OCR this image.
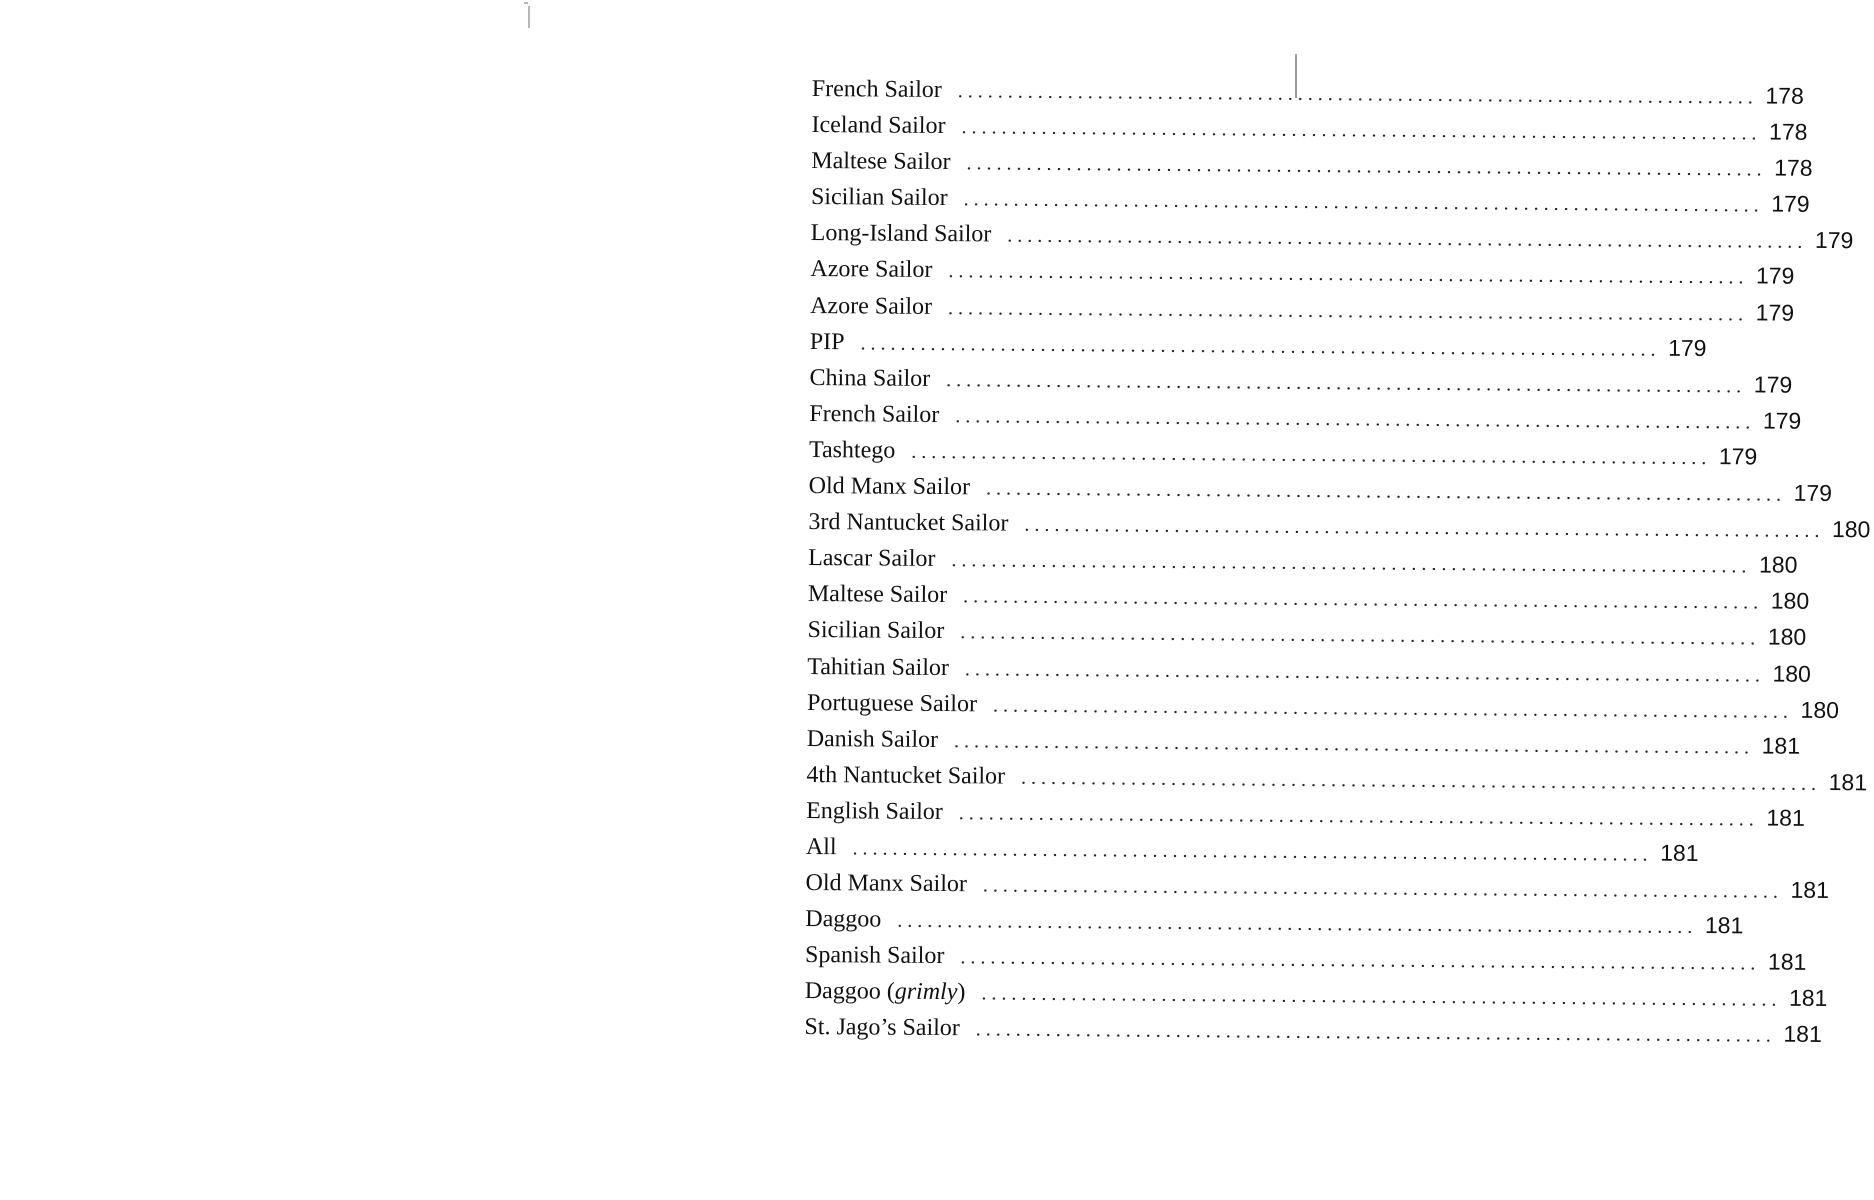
French Sailor ................................................................................ 178
Iceland Sailor ................................................................................ 178
Maltese Sailor ................................................................................ 178
Sicilian Sailor ................................................................................ 179
Long-Island Sailor ................................................................................ 179
Azore Sailor ................................................................................ 179
Azore Sailor ................................................................................ 179
PIP ................................................................................ 179
China Sailor ................................................................................ 179
French Sailor ................................................................................ 179
Tashtego ................................................................................ 179
Old Manx Sailor ................................................................................ 179
3rd Nantucket Sailor ................................................................................ 180
Lascar Sailor ................................................................................ 180
Maltese Sailor ................................................................................ 180
Sicilian Sailor ................................................................................ 180
Tahitian Sailor ................................................................................ 180
Portuguese Sailor ................................................................................ 180
Danish Sailor ................................................................................ 181
4th Nantucket Sailor ................................................................................ 181
English Sailor ................................................................................ 181
All ................................................................................ 181
Old Manx Sailor ................................................................................ 181
Daggoo ................................................................................ 181
Spanish Sailor ................................................................................ 181
Daggoo (grimly) ................................................................................ 181
St. Jago’s Sailor ................................................................................ 181
